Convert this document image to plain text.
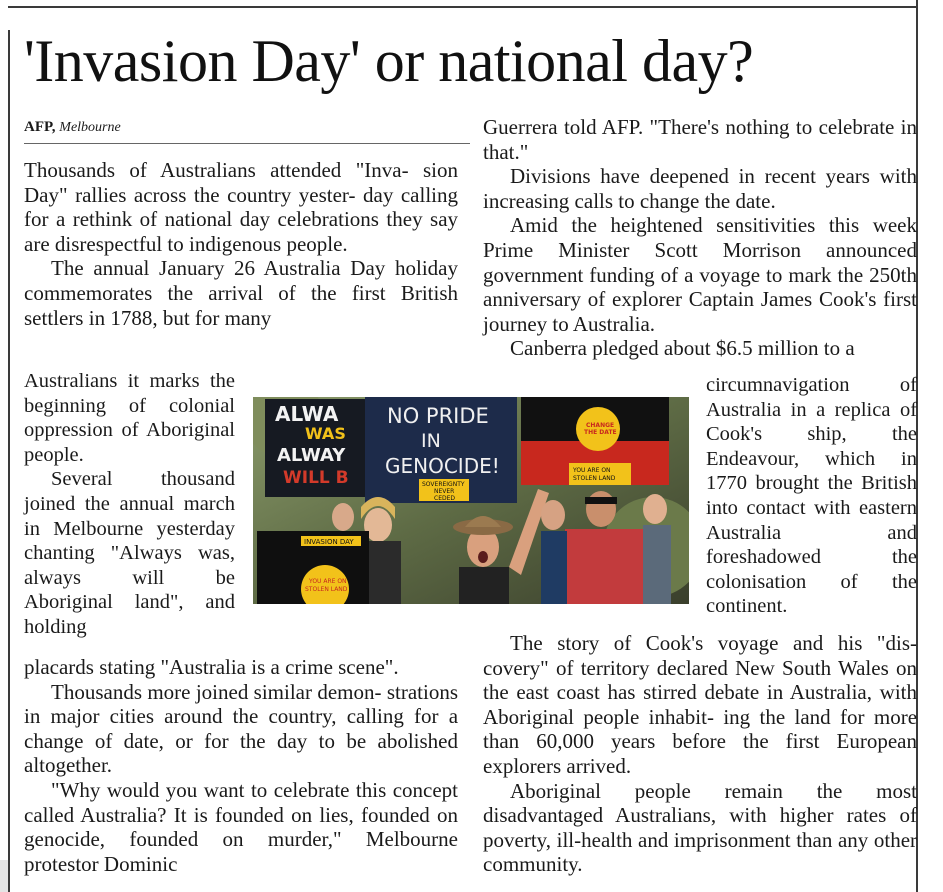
'Invasion Day' or national day?
AFP, Melbourne

Thousands of Australians attended "Inva- sion Day" rallies across the country yester- day calling for a rethink of national day celebrations they say are disrespectful to indigenous people.

The annual January 26 Australia Day holiday commemorates the arrival of the first British settlers in 1788, but for many

Australians it marks the beginning of colonial oppression of Aboriginal people.

Several thousand joined the annual march in Melbourne yesterday chanting "Always was, always	will be Aboriginal land", and holding

placards stating "Australia is a crime scene".

Thousands more joined similar demon- strations in major cities around the country, calling for a change of date, or for the day to be abolished altogether.

"Why would you want to celebrate this concept called Australia? It is founded on lies, founded on genocide, founded on murder," Melbourne protestor Dominic

Guerrera told AFP. "There's nothing to celebrate in that."

Divisions have deepened in recent years with increasing calls to change the date.

Amid the heightened sensitivities this week Prime Minister Scott Morrison announced government funding of a voyage to mark the 250th anniversary of explorer Captain James Cook's first journey to Australia.

Canberra pledged about $6.5 million to a

circumnavigation of Australia in a replica of Cook's ship, the Endeavour, which in 1770 brought the British into contact with eastern Australia	and foreshadowed	the colonisation of the continent.

The story of Cook's voyage and his "dis- covery" of territory declared New South Wales on the east coast has stirred debate in Australia, with Aboriginal people inhabit- ing the land for more than 60,000 years before the first European explorers arrived.

Aboriginal people remain the most disadvantaged Australians, with higher rates of poverty, ill-health and imprisonment than any other community.

ALWA
WAS
ALWAY
WILL B
NO PRIDE
IN
GENOCIDE!
SOVEREIGNTY
NEVER
CEDED
CHANGE
THE DATE
YOU ARE ON
STOLEN LAND
INVASION DAY
YOU ARE ON
STOLEN LAND
